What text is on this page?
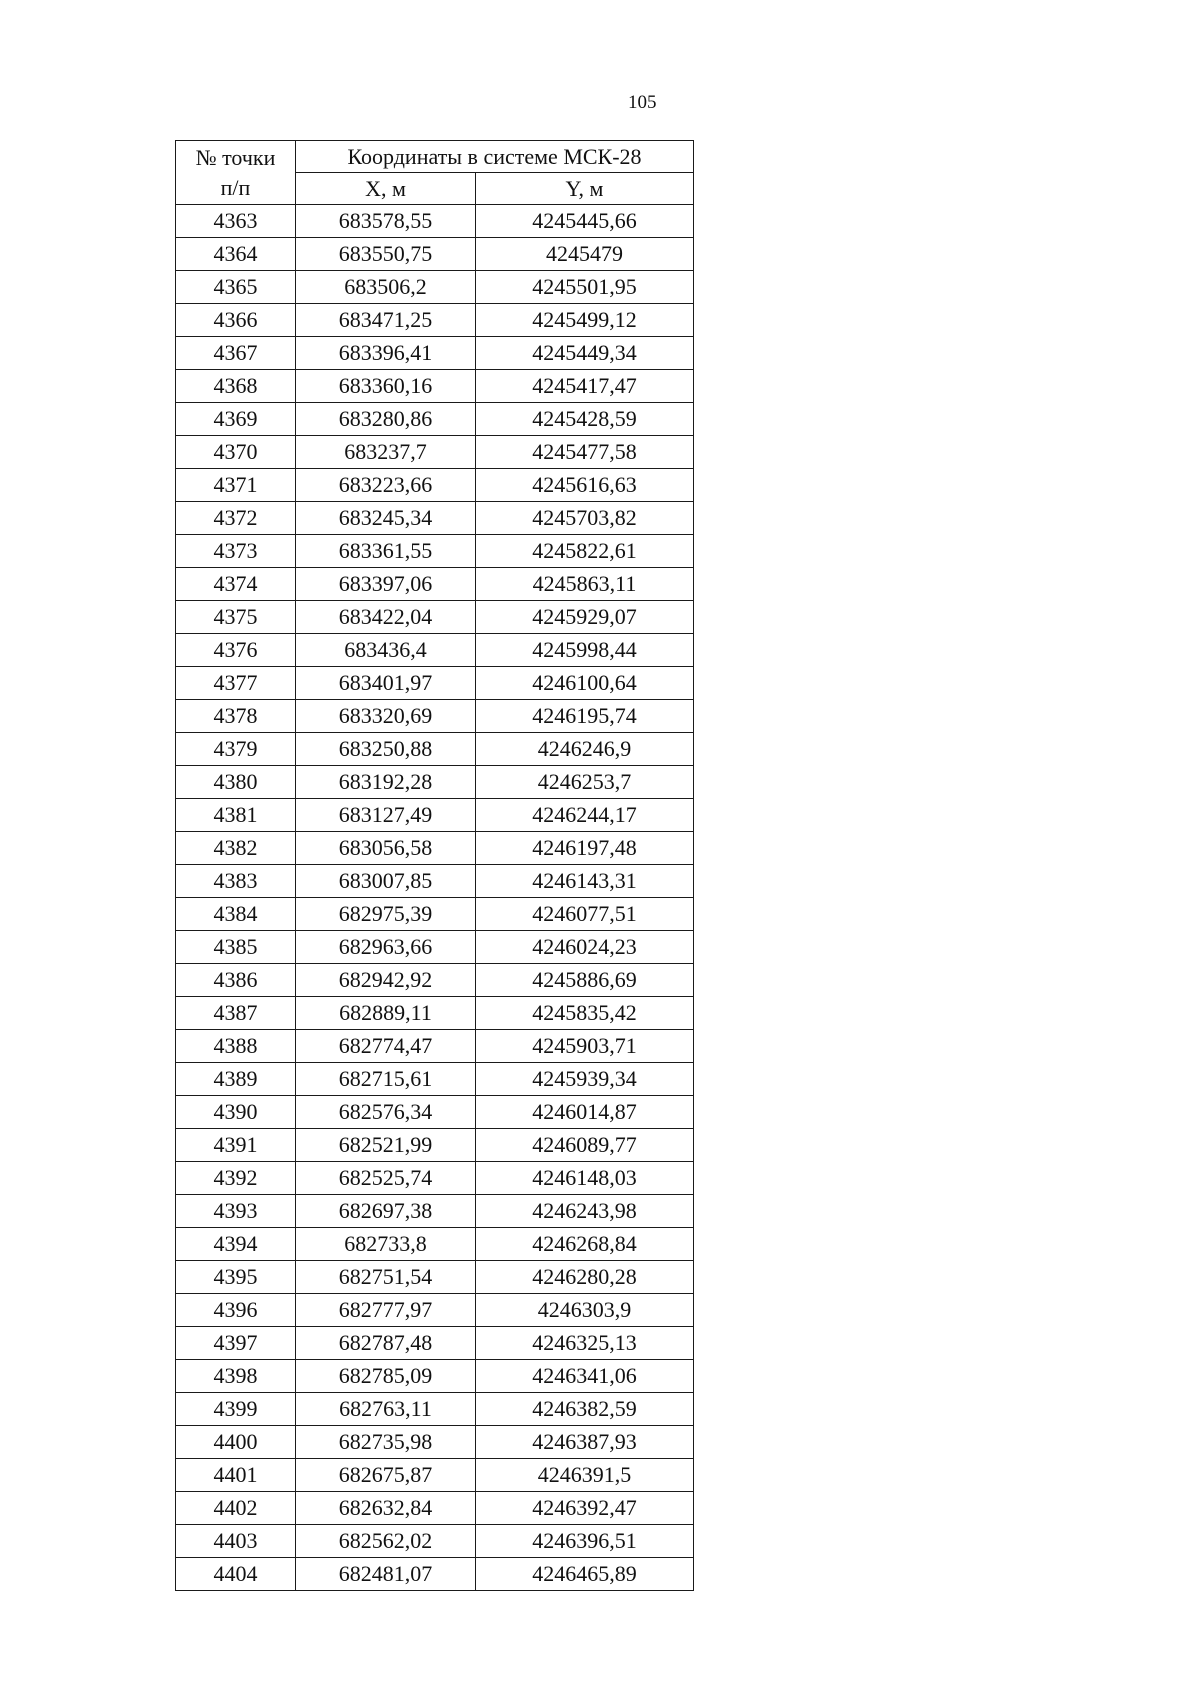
105
№ точки
п/п	Координаты в системе МСК-28	
	X, м	Y, м
4363	683578,55	4245445,66
4364	683550,75	4245479
4365	683506,2	4245501,95
4366	683471,25	4245499,12
4367	683396,41	4245449,34
4368	683360,16	4245417,47
4369	683280,86	4245428,59
4370	683237,7	4245477,58
4371	683223,66	4245616,63
4372	683245,34	4245703,82
4373	683361,55	4245822,61
4374	683397,06	4245863,11
4375	683422,04	4245929,07
4376	683436,4	4245998,44
4377	683401,97	4246100,64
4378	683320,69	4246195,74
4379	683250,88	4246246,9
4380	683192,28	4246253,7
4381	683127,49	4246244,17
4382	683056,58	4246197,48
4383	683007,85	4246143,31
4384	682975,39	4246077,51
4385	682963,66	4246024,23
4386	682942,92	4245886,69
4387	682889,11	4245835,42
4388	682774,47	4245903,71
4389	682715,61	4245939,34
4390	682576,34	4246014,87
4391	682521,99	4246089,77
4392	682525,74	4246148,03
4393	682697,38	4246243,98
4394	682733,8	4246268,84
4395	682751,54	4246280,28
4396	682777,97	4246303,9
4397	682787,48	4246325,13
4398	682785,09	4246341,06
4399	682763,11	4246382,59
4400	682735,98	4246387,93
4401	682675,87	4246391,5
4402	682632,84	4246392,47
4403	682562,02	4246396,51
4404	682481,07	4246465,89
